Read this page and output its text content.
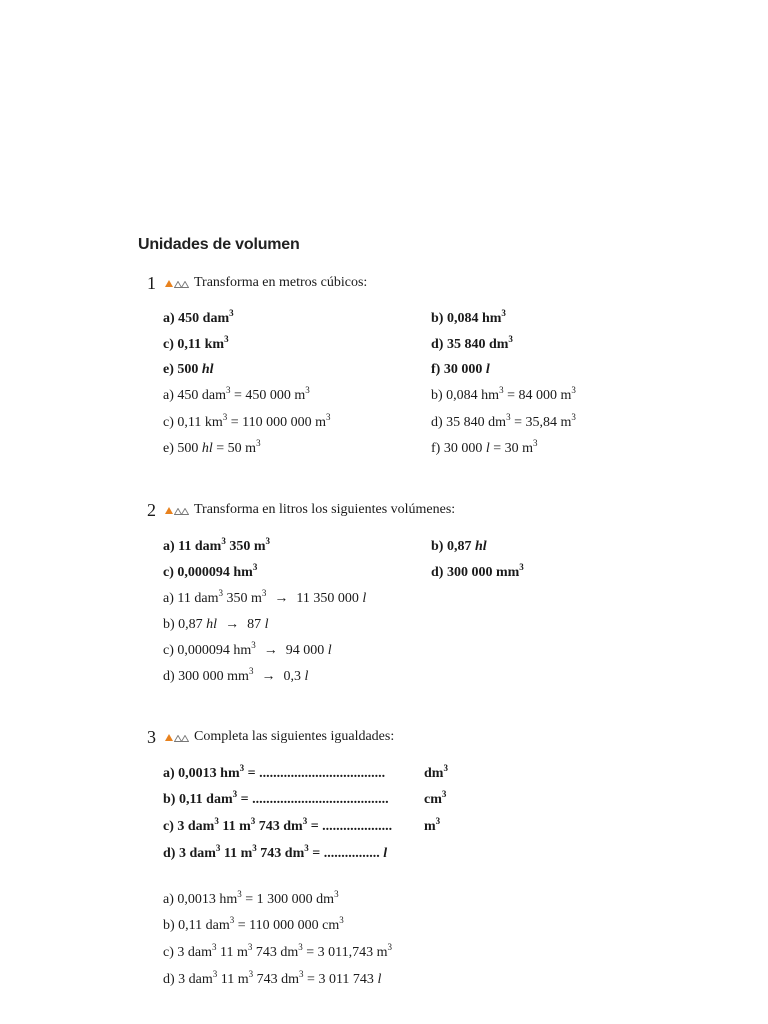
Unidades de volumen
1	Transforma en metros cúbicos:
a) 450 dam$^3$	b) 0,084 $hm^3$
c) 0,11 $km^3$	d) 35 840 $dm^3$
e) 500 hl	f) 30 000 l
a) 450 dam$^3$ = 450 000 $m^3$	b) 0,084 $hm^3 = 84$ 000 $m^3$
c) 0,11 $km^3 = 110$ 000 000 $m^3$	d) 35 840 $dm^3 = 35,84$ $m^3$
e) 500 hl = 50 $m^3$	f) 30 000 l = 30 $m^3$
2	Transforma en litros los siguientes volúmenes:
a) 11 dam$^3$ 350 $m^3$	b) 0,87 hl
c) 0,000094 $hm^3$	d) 300 000 $mm^3$
a) 11 dam$^3$ 350 $m^3 \to 11$ 350 000 l
b) 0,87 hl → 87 l
c) 0,000094 $hm^3 \to 94$ 000 l
d) 300 000 $mm^3 \to 0,3$ l
3	Completa las siguientes igualdades:
a) 0,0013 $hm^3$ = ....................................	$dm^3$
b) 0,11 dam$^3$ = .......................................	$cm^3$
c) 3 dam$^3$ 11 $m^3$ 743 $dm^3$ = .................... $m^3$
d) 3 dam$^3$ 11 $m^3$ 743 $dm^3$ = ................ l
a) 0,0013 $hm^3 = 1$ 300 000 $dm^3$
b) 0,11 dam$^3$ = 110 000 000 $cm^3$
c) 3 dam$^3$ 11 $m^3$ 743 $dm^3 = 3$ 011,743 $m^3$
d) 3 dam$^3$ 11 $m^3$ 743 $dm^3 = 3$ 011 743 l
